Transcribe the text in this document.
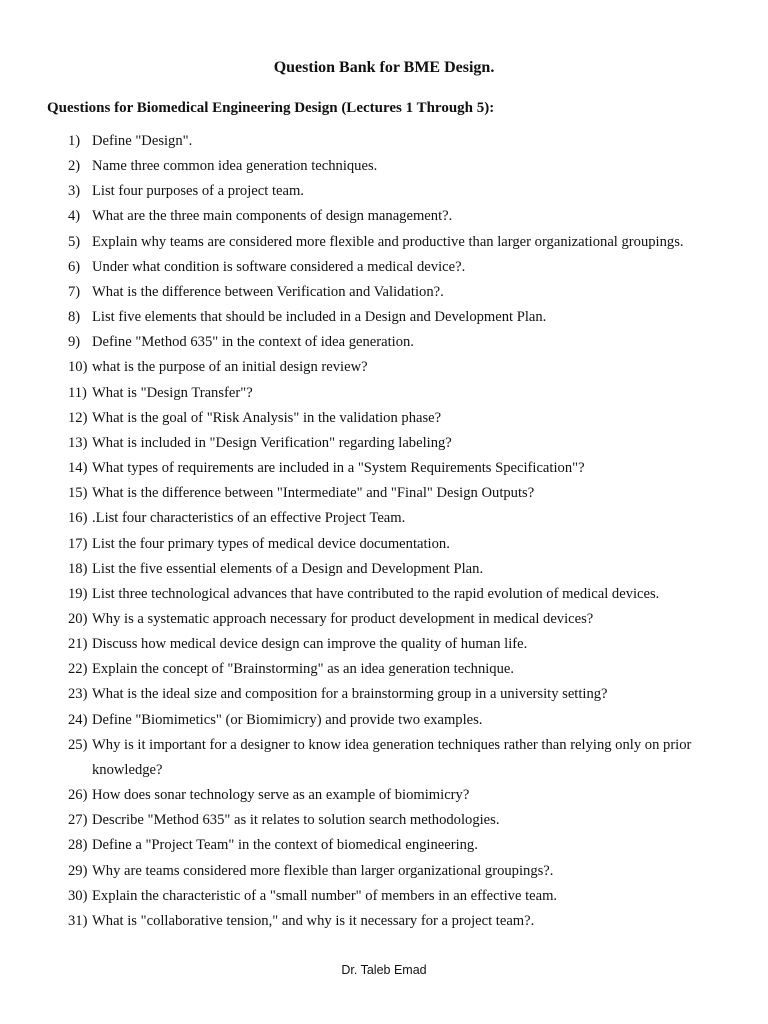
Question Bank for BME Design.
Questions for Biomedical Engineering Design (Lectures 1 Through 5):
1) Define "Design".
2) Name three common idea generation techniques.
3) List four purposes of a project team.
4) What are the three main components of design management?.
5) Explain why teams are considered more flexible and productive than larger organizational groupings.
6) Under what condition is software considered a medical device?.
7) What is the difference between Verification and Validation?.
8) List five elements that should be included in a Design and Development Plan.
9) Define "Method 635" in the context of idea generation.
10) what is the purpose of an initial design review?
11) What is "Design Transfer"?
12) What is the goal of "Risk Analysis" in the validation phase?
13) What is included in "Design Verification" regarding labeling?
14) What types of requirements are included in a "System Requirements Specification"?
15) What is the difference between "Intermediate" and "Final" Design Outputs?
16) .List four characteristics of an effective Project Team.
17) List the four primary types of medical device documentation.
18) List the five essential elements of a Design and Development Plan.
19) List three technological advances that have contributed to the rapid evolution of medical devices.
20) Why is a systematic approach necessary for product development in medical devices?
21) Discuss how medical device design can improve the quality of human life.
22) Explain the concept of "Brainstorming" as an idea generation technique.
23) What is the ideal size and composition for a brainstorming group in a university setting?
24) Define "Biomimetics" (or Biomimicry) and provide two examples.
25) Why is it important for a designer to know idea generation techniques rather than relying only on prior knowledge?
26) How does sonar technology serve as an example of biomimicry?
27) Describe "Method 635" as it relates to solution search methodologies.
28) Define a "Project Team" in the context of biomedical engineering.
29) Why are teams considered more flexible than larger organizational groupings?.
30) Explain the characteristic of a "small number" of members in an effective team.
31) What is "collaborative tension," and why is it necessary for a project team?.
Dr. Taleb Emad
